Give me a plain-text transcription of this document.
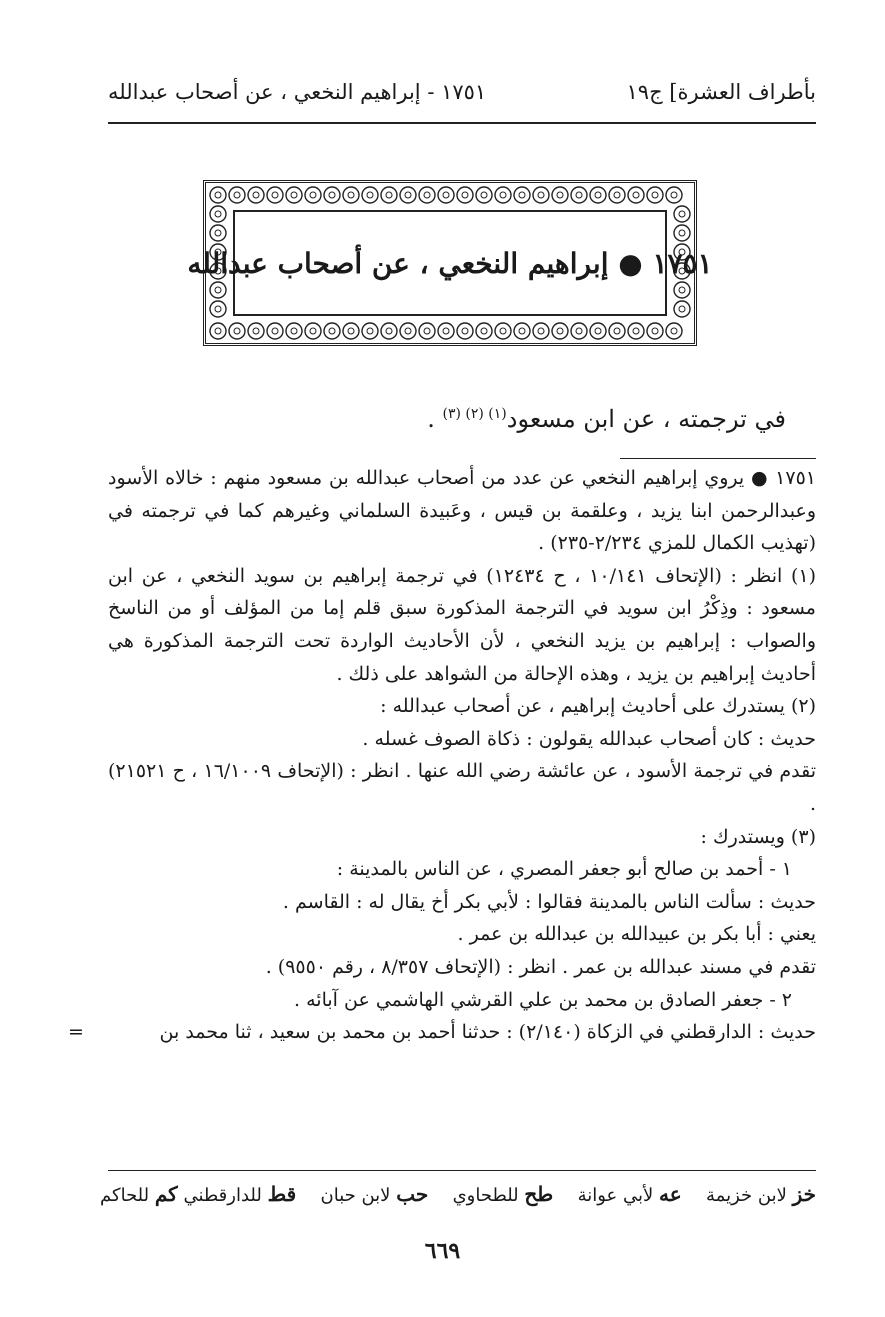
بأطراف العشرة] ج١٩
١٧٥١ - إبراهيم النخعي ، عن أصحاب عبدالله
١٧٥١ ● إبراهيم النخعي ، عن أصحاب عبدالله
في ترجمته ، عن ابن مسعود$^{(١) (٢) (٣)}$ .

١٧٥١ ● يروي إبراهيم النخعي عن عدد من أصحاب عبدالله بن مسعود منهم : خالاه الأسود وعبدالرحمن ابنا يزيد ، وعلقمة بن قيس ، وعَبيدة السلماني وغيرهم كما في ترجمته في (تهذيب الكمال للمزي ٢/٢٣٤-٢٣٥) .

(١) انظر : (الإتحاف ١٠/١٤١ ، ح ١٢٤٣٤) في ترجمة إبراهيم بن سويد النخعي ، عن ابن مسعود : وذِكْرُ ابن سويد في الترجمة المذكورة سبق قلم إما من المؤلف أو من الناسخ والصواب : إبراهيم بن يزيد النخعي ، لأن الأحاديث الواردة تحت الترجمة المذكورة هي أحاديث إبراهيم بن يزيد ، وهذه الإحالة من الشواهد على ذلك .

(٢) يستدرك على أحاديث إبراهيم ، عن أصحاب عبدالله :

حديث : كان أصحاب عبدالله يقولون : ذكاة الصوف غسله .

تقدم في ترجمة الأسود ، عن عائشة رضي الله عنها . انظر : (الإتحاف ١٦/١٠٠٩ ، ح ٢١٥٢١) .

(٣) ويستدرك :

١ - أحمد بن صالح أبو جعفر المصري ، عن الناس بالمدينة :

حديث : سألت الناس بالمدينة فقالوا : لأبي بكر أخ يقال له : القاسم .

يعني : أبا بكر بن عبيدالله بن عبدالله بن عمر .

تقدم في مسند عبدالله بن عمر . انظر : (الإتحاف ٨/٣٥٧ ، رقم ٩٥٥٠) .

٢ - جعفر الصادق بن محمد بن علي القرشي الهاشمي عن آبائه .

حديث : الدارقطني في الزكاة (٢/١٤٠) : حدثنا أحمد بن محمد بن سعيد ، ثنا محمد بن
=

خز لابن خزيمة
عه لأبي عوانة
طح للطحاوي
حب لابن حبان
قط للدارقطني كم للحاكم
٦٦٩
